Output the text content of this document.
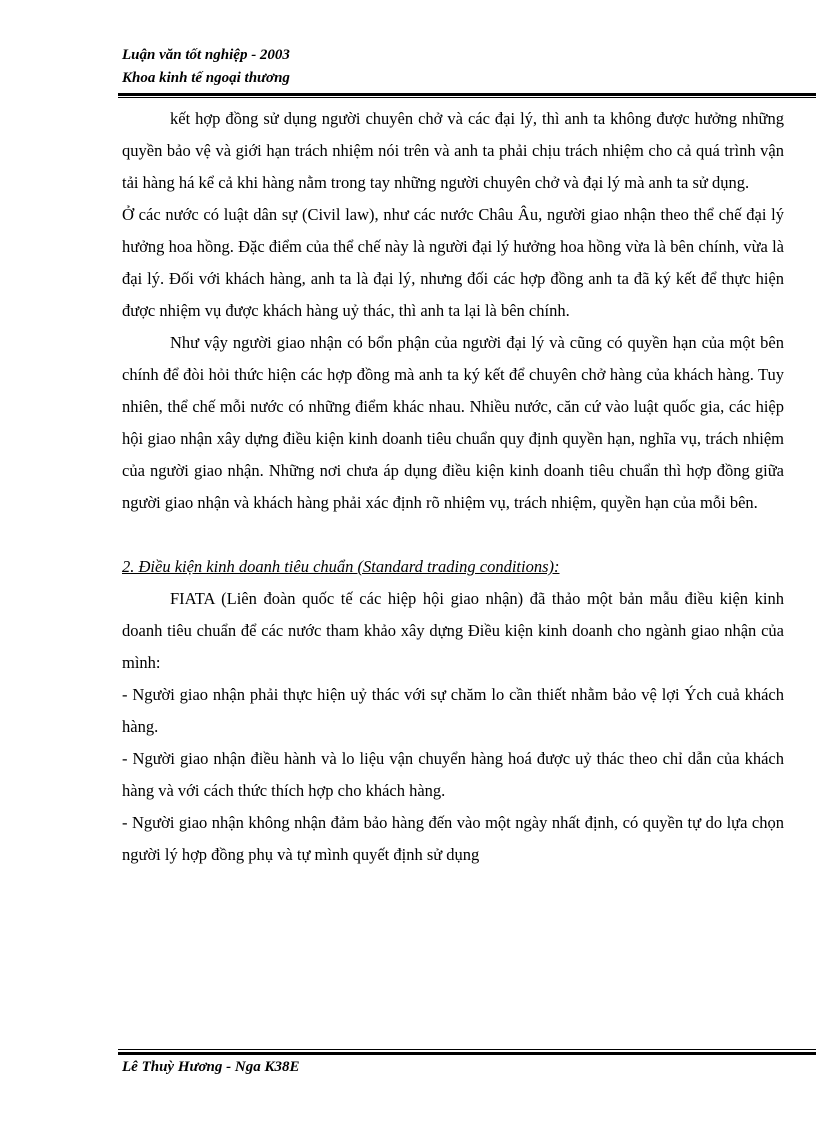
Luận văn tốt nghiệp - 2003
Khoa kinh tế ngoại thương

kết hợp đồng sử dụng người chuyên chở và các đại lý, thì anh ta không được hưởng những quyền bảo vệ và giới hạn trách nhiệm nói trên và anh ta phải chịu trách nhiệm cho cả quá trình vận tải hàng há kể cả khi hàng nằm trong tay những người chuyên chở và đại lý mà anh ta sử dụng.

Ở các nước có luật dân sự (Civil law), như các nước Châu Âu, người giao nhận theo thể chế đại lý hưởng hoa hồng. Đặc điểm của thể chế này là người đại lý hưởng hoa hồng vừa là bên chính, vừa là đại lý. Đối với khách hàng, anh ta là đại lý, nhưng đối các hợp đồng anh ta đã ký kết để thực hiện được nhiệm vụ được khách hàng uỷ thác, thì anh ta lại là bên chính.

Như vậy người giao nhận có bổn phận của người đại lý và cũng có quyền hạn của một bên chính để đòi hỏi thức hiện các hợp đồng mà anh ta ký kết để chuyên chở hàng của khách hàng. Tuy nhiên, thể chế mỗi nước có những điểm khác nhau. Nhiều nước, căn cứ vào luật quốc gia, các hiệp hội giao nhận xây dựng điều kiện kinh doanh tiêu chuẩn quy định quyền hạn, nghĩa vụ, trách nhiệm của người giao nhận. Những nơi chưa áp dụng điều kiện kinh doanh tiêu chuẩn thì hợp đồng giữa người giao nhận và khách hàng phải xác định rõ nhiệm vụ, trách nhiệm, quyền hạn của mỗi bên.

2. Điều kiện kinh doanh tiêu chuẩn (Standard trading conditions):

FIATA (Liên đoàn quốc tế các hiệp hội giao nhận) đã thảo một bản mẫu điều kiện kinh doanh tiêu chuẩn để các nước tham khảo xây dựng Điều kiện kinh doanh cho ngành giao nhận của mình:

- Người giao nhận phải thực hiện uỷ thác với sự chăm lo cần thiết nhằm bảo vệ lợi Ých cuả khách hàng.

- Người giao nhận điều hành và lo liệu vận chuyển hàng hoá được uỷ thác theo chỉ dẫn của khách hàng và với cách thức thích hợp cho khách hàng.

- Người giao nhận không nhận đảm bảo hàng đến vào một ngày nhất định, có quyền tự do lựa chọn người lý hợp đồng phụ và tự mình quyết định sử dụng

Lê Thuỳ Hương - Nga K38E
